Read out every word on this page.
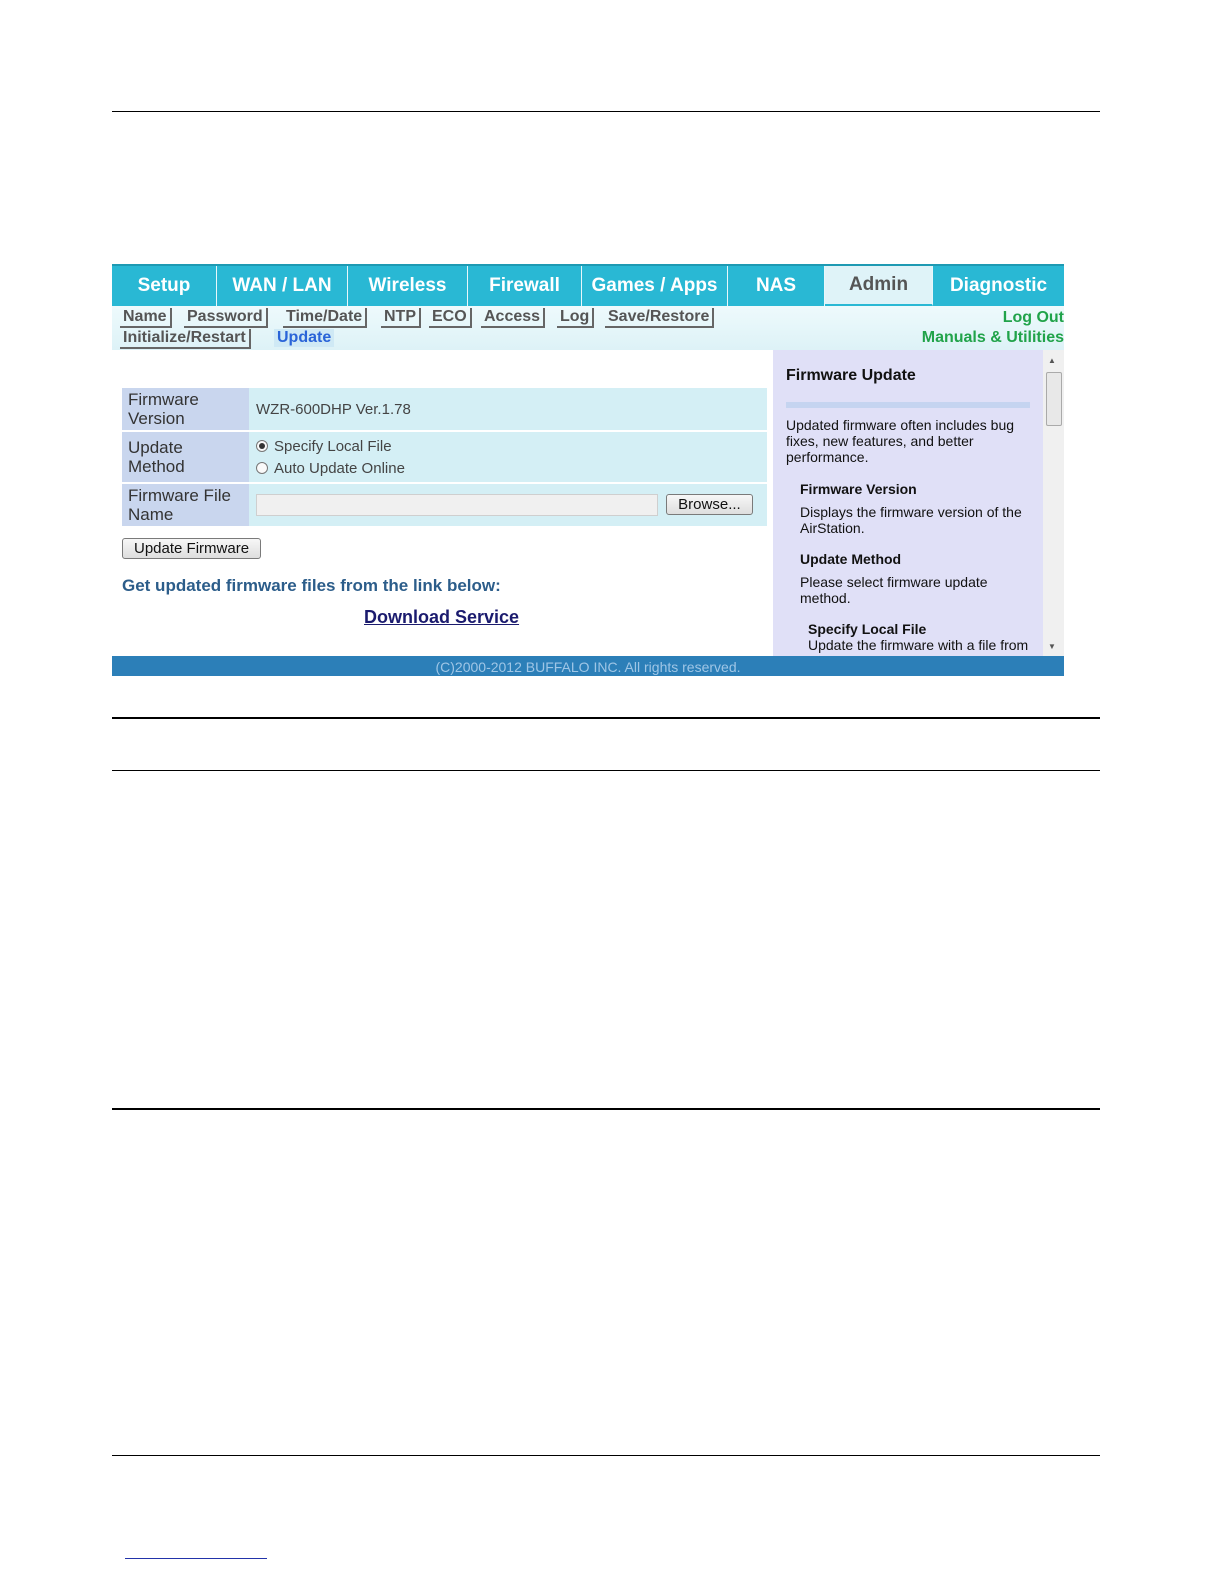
Setup	WAN / LAN	Wireless	Firewall	Games / Apps	NAS	Admin	Diagnostic
Name	Password	Time/Date	NTP	ECO	Access	Log	Save/Restore
Initialize/Restart	Update
Log Out
Manuals & Utilities
Firmware Version	WZR-600DHP Ver.1.78
Update Method	Specify Local File
Auto Update Online

Firmware File Name	Browse...
Update Firmware
Get updated firmware files from the link below:
Download Service
Firmware Update
Updated firmware often includes bug fixes, new features, and better performance.
Firmware Version
Displays the firmware version of the AirStation.
Update Method
Please select firmware update method.
Specify Local File
Update the firmware with a file from
▲
▼
(C)2000-2012 BUFFALO INC. All rights reserved.
